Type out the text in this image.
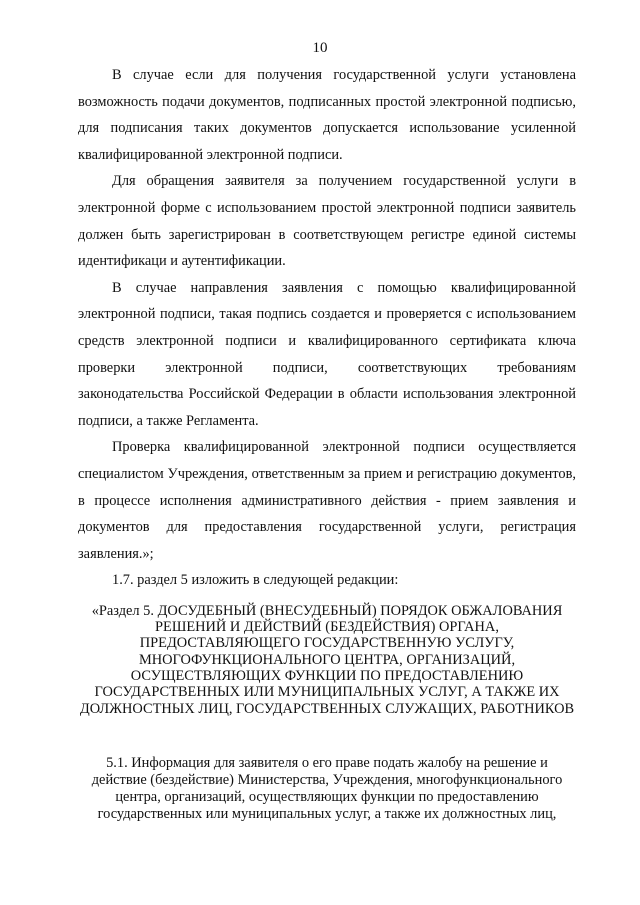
10

В случае если для получения государственной услуги установлена возможность подачи документов, подписанных простой электронной подписью, для подписания таких документов допускается использование усиленной квалифицированной электронной подписи.

Для обращения заявителя за получением государственной услуги в электронной форме с использованием простой электронной подписи заявитель должен быть зарегистрирован в соответствующем регистре единой системы идентификаци и аутентификации.

В случае направления заявления с помощью квалифицированной электронной подписи, такая подпись создается и проверяется с использованием средств электронной подписи и квалифицированного сертификата ключа проверки электронной подписи, соответствующих требованиям законодательства Российской Федерации в области использования электронной подписи, а также Регламента.

Проверка квалифицированной электронной подписи осуществляется специалистом Учреждения, ответственным за прием и регистрацию документов, в процессе исполнения административного действия - прием заявления и документов для предоставления государственной услуги, регистрация заявления.»;

1.7. раздел 5 изложить в следующей редакции:

«Раздел 5. ДОСУДЕБНЫЙ (ВНЕСУДЕБНЫЙ) ПОРЯДОК ОБЖАЛОВАНИЯ РЕШЕНИЙ И ДЕЙСТВИЙ (БЕЗДЕЙСТВИЯ) ОРГАНА, ПРЕДОСТАВЛЯЮЩЕГО ГОСУДАРСТВЕННУЮ УСЛУГУ, МНОГОФУНКЦИОНАЛЬНОГО ЦЕНТРА, ОРГАНИЗАЦИЙ, ОСУЩЕСТВЛЯЮЩИХ ФУНКЦИИ ПО ПРЕДОСТАВЛЕНИЮ ГОСУДАРСТВЕННЫХ ИЛИ МУНИЦИПАЛЬНЫХ УСЛУГ, А ТАКЖЕ ИХ ДОЛЖНОСТНЫХ ЛИЦ, ГОСУДАРСТВЕННЫХ СЛУЖАЩИХ, РАБОТНИКОВ

5.1. Информация для заявителя о его праве подать жалобу на решение и действие (бездействие) Министерства, Учреждения, многофункционального центра, организаций, осуществляющих функции по предоставлению государственных или муниципальных услуг, а также их должностных лиц,
